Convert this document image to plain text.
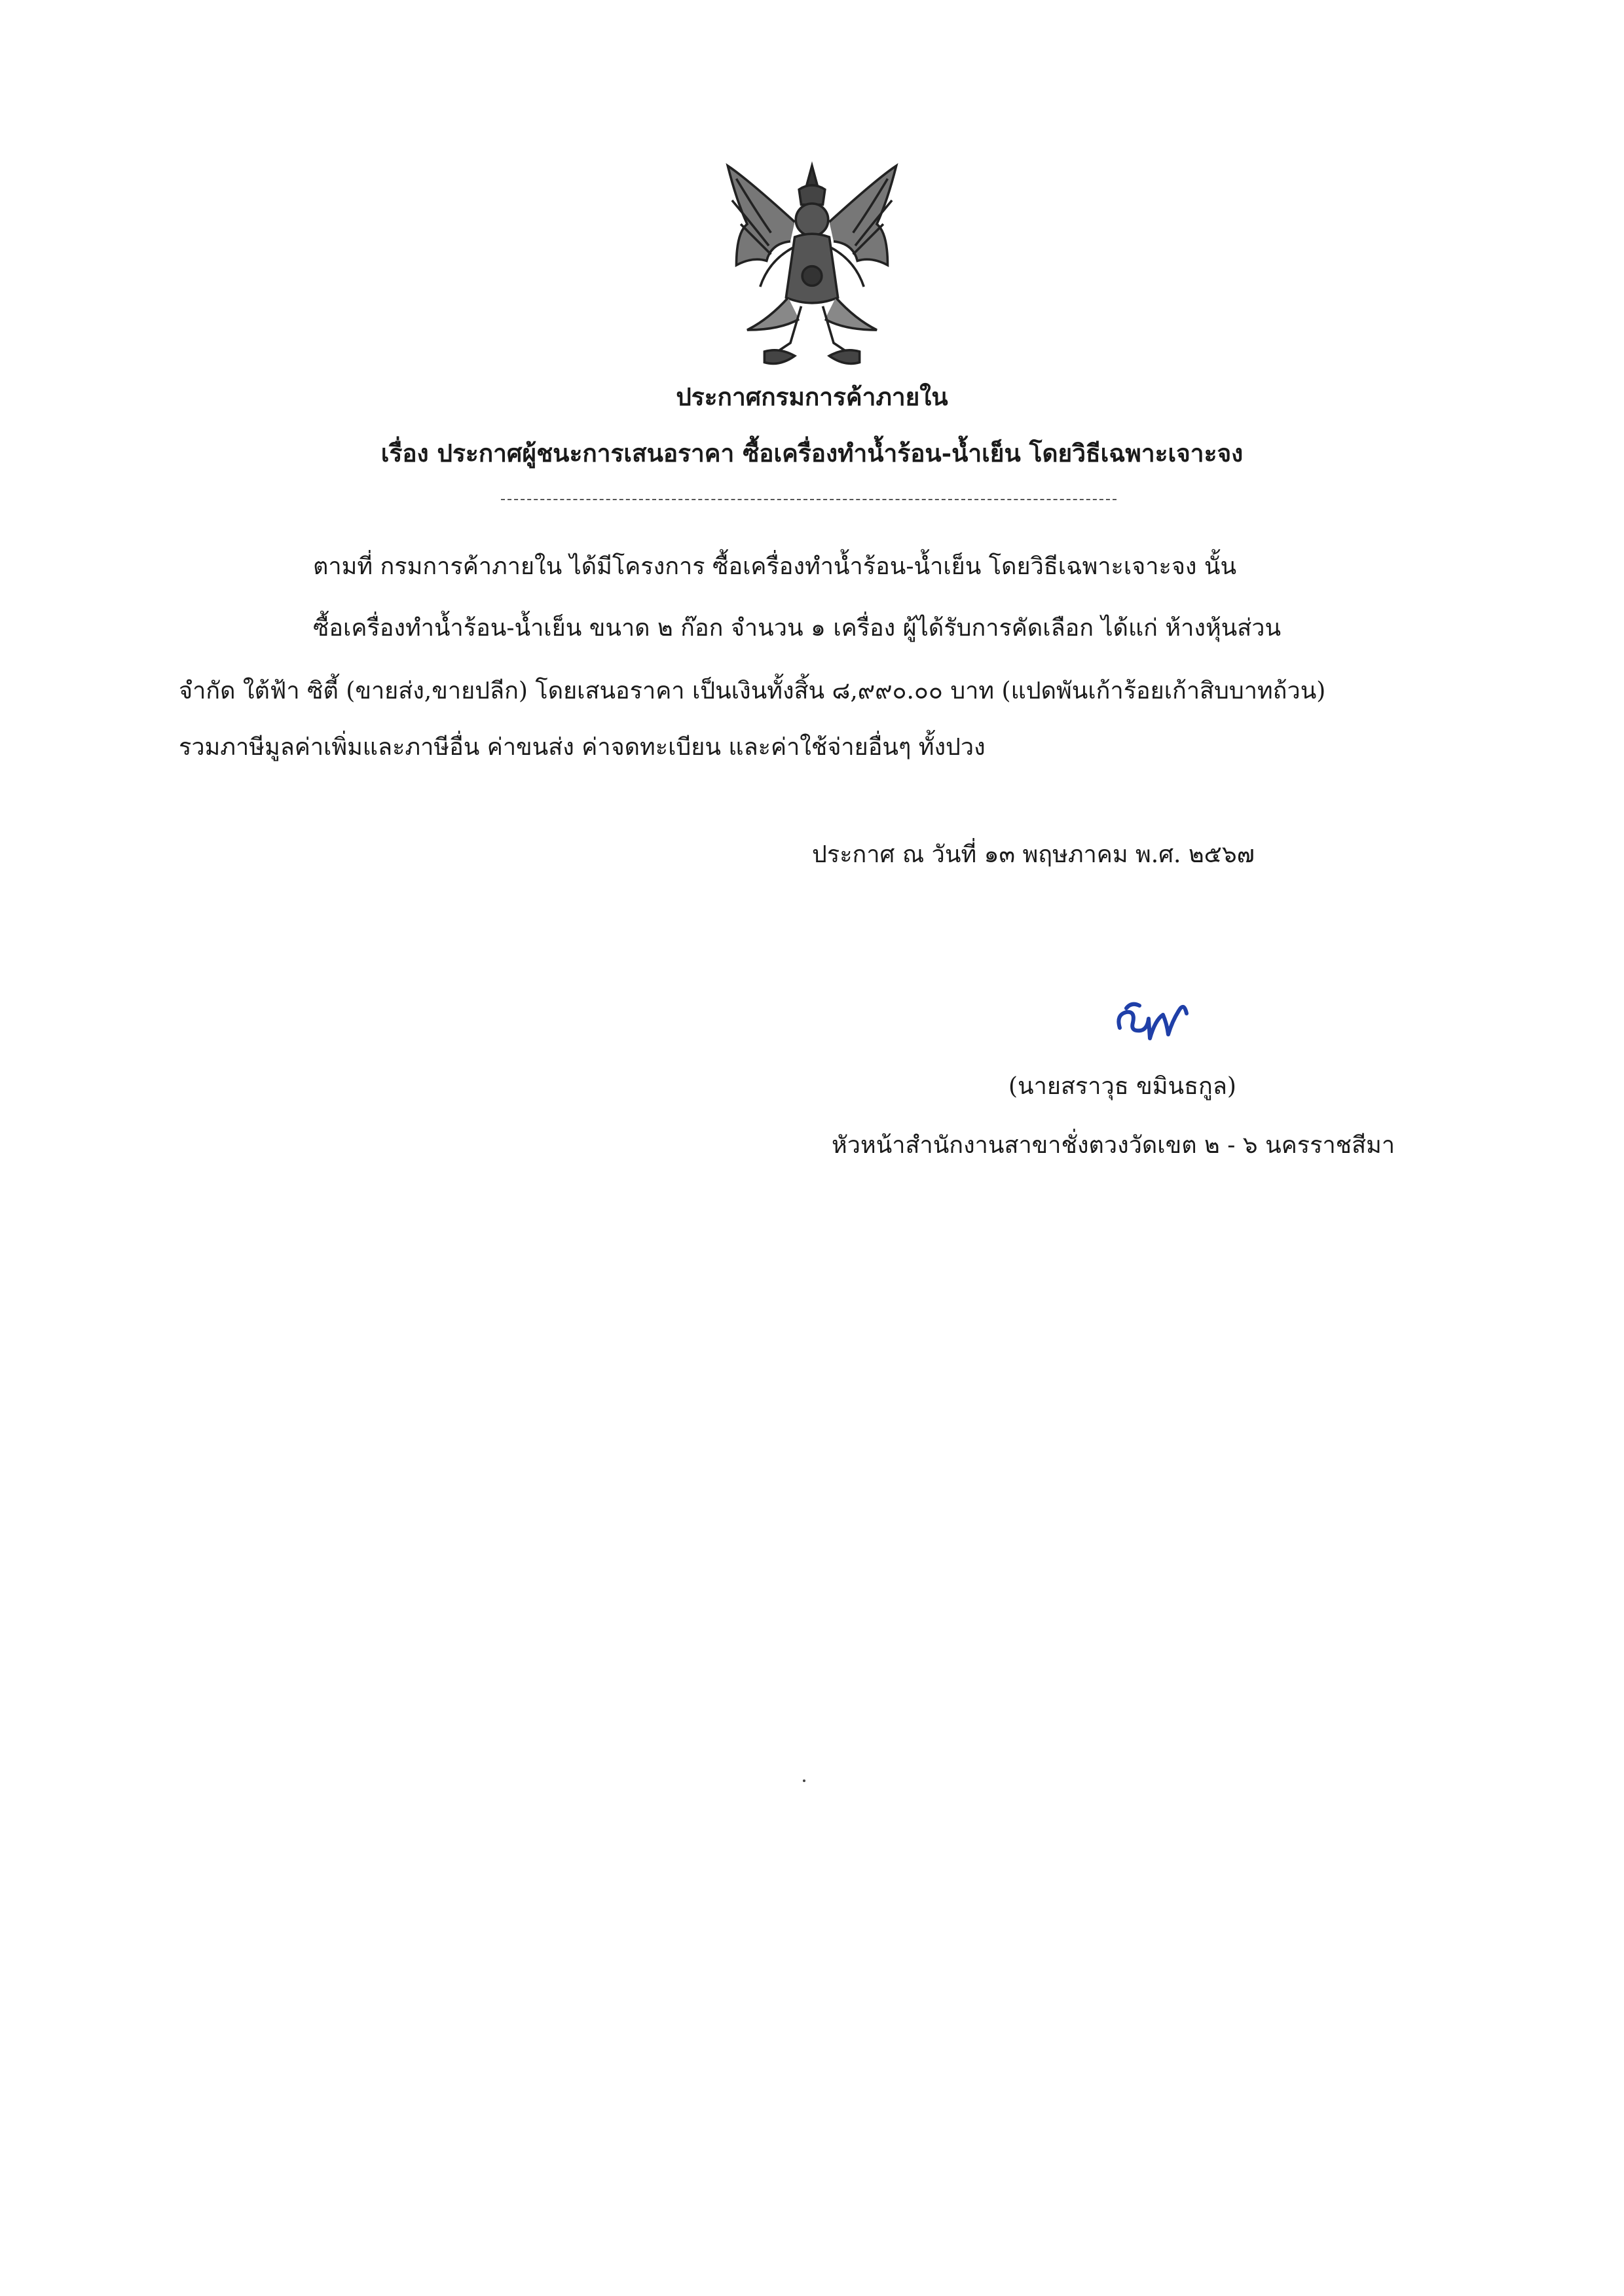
ประกาศกรมการค้าภายใน
เรื่อง ประกาศผู้ชนะการเสนอราคา ซื้อเครื่องทำน้ำร้อน-น้ำเย็น โดยวิธีเฉพาะเจาะจง
ตามที่ กรมการค้าภายใน ได้มีโครงการ ซื้อเครื่องทำน้ำร้อน-น้ำเย็น โดยวิธีเฉพาะเจาะจง นั้น
ซื้อเครื่องทำน้ำร้อน-น้ำเย็น ขนาด ๒ ก๊อก จำนวน ๑ เครื่อง ผู้ได้รับการคัดเลือก ได้แก่ ห้างหุ้นส่วน
จำกัด ใต้ฟ้า ซิตี้ (ขายส่ง,ขายปลีก) โดยเสนอราคา เป็นเงินทั้งสิ้น ๘,๙๙๐.๐๐ บาท (แปดพันเก้าร้อยเก้าสิบบาทถ้วน)
รวมภาษีมูลค่าเพิ่มและภาษีอื่น ค่าขนส่ง ค่าจดทะเบียน และค่าใช้จ่ายอื่นๆ ทั้งปวง
ประกาศ ณ วันที่ ๑๓ พฤษภาคม พ.ศ. ๒๕๖๗
(นายสราวุธ ขมินธกูล)
หัวหน้าสำนักงานสาขาชั่งตวงวัดเขต ๒ - ๖ นครราชสีมา
